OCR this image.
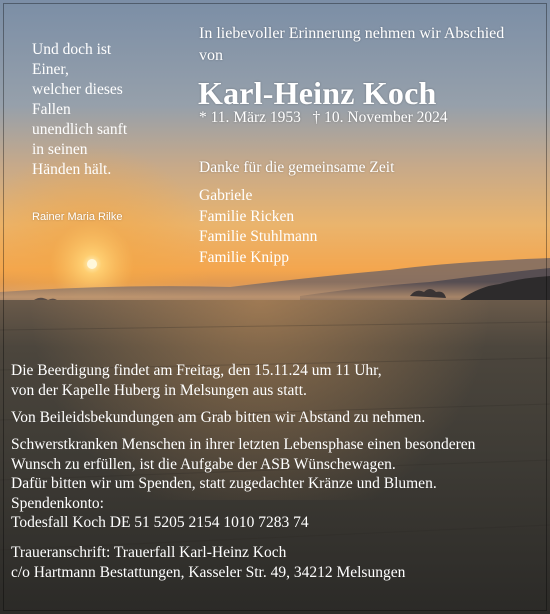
Und doch ist
Einer,
welcher dieses
Fallen
unendlich sanft
in seinen
Händen hält.

Rainer Maria Rilke

In liebevoller Erinnerung nehmen wir Abschied

von

Karl-Heinz Koch

* 11. März 1953 † 10. November 2024

Danke für die gemeinsame Zeit

Gabriele
Familie Ricken
Familie Stuhlmann
Familie Knipp
Die Beerdigung findet am Freitag, den 15.11.24 um 11 Uhr,
von der Kapelle Huberg in Melsungen aus statt.
Von Beileidsbekundungen am Grab bitten wir Abstand zu nehmen.
Schwerstkranken Menschen in ihrer letzten Lebensphase einen besonderen
Wunsch zu erfüllen, ist die Aufgabe der ASB Wünschewagen.
Dafür bitten wir um Spenden, statt zugedachter Kränze und Blumen.
Spendenkonto:
Todesfall Koch DE 51 5205 2154 1010 7283 74
Traueranschrift: Trauerfall Karl-Heinz Koch
c/o Hartmann Bestattungen, Kasseler Str. 49, 34212 Melsungen
